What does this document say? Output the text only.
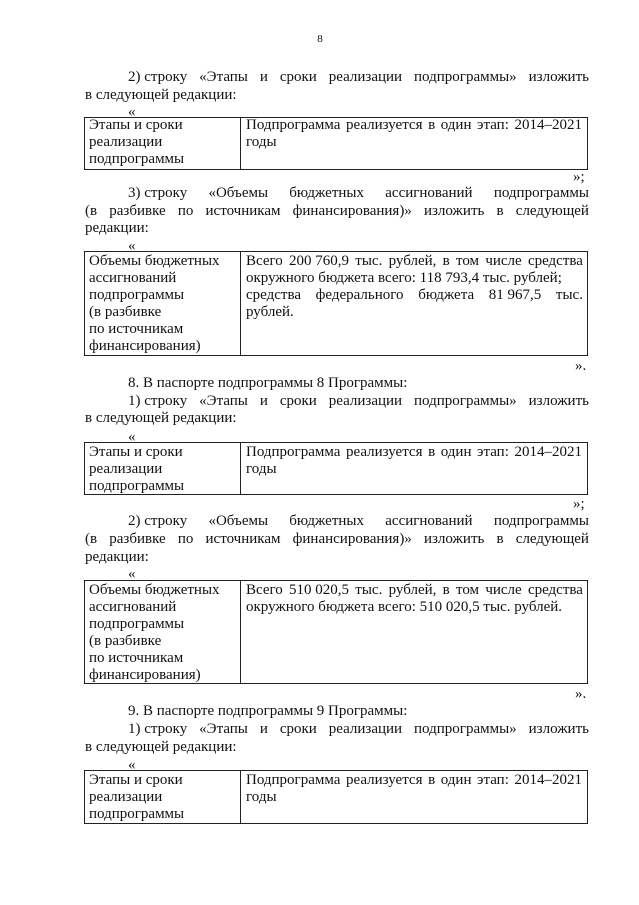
8
2) строку «Этапы и сроки реализации подпрограммы» изложить
в следующей редакции:
«
Этапы и сроки
реализации
подпрограммы
Подпрограмма реализуется в один этап: 2014–2021
годы
»;
3) строку «Объемы бюджетных ассигнований подпрограммы
(в разбивке по источникам финансирования)» изложить в следующей
редакции:
«
Объемы бюджетных
ассигнований
подпрограммы
(в разбивке
по источникам
финансирования)
Всего 200 760,9 тыс. рублей, в том числе средства
окружного бюджета всего: 118 793,4 тыс. рублей;
средства федерального бюджета 81 967,5 тыс.
рублей.
».
8. В паспорте подпрограммы 8 Программы:
1) строку «Этапы и сроки реализации подпрограммы» изложить
в следующей редакции:
«
Этапы и сроки
реализации
подпрограммы
Подпрограмма реализуется в один этап: 2014–2021
годы
»;
2) строку «Объемы бюджетных ассигнований подпрограммы
(в разбивке по источникам финансирования)» изложить в следующей
редакции:
«
Объемы бюджетных
ассигнований
подпрограммы
(в разбивке
по источникам
финансирования)
Всего 510 020,5 тыс. рублей, в том числе средства
окружного бюджета всего: 510 020,5 тыс. рублей.
».
9. В паспорте подпрограммы 9 Программы:
1) строку «Этапы и сроки реализации подпрограммы» изложить
в следующей редакции:
«
Этапы и сроки
реализации
подпрограммы
Подпрограмма реализуется в один этап: 2014–2021
годы
